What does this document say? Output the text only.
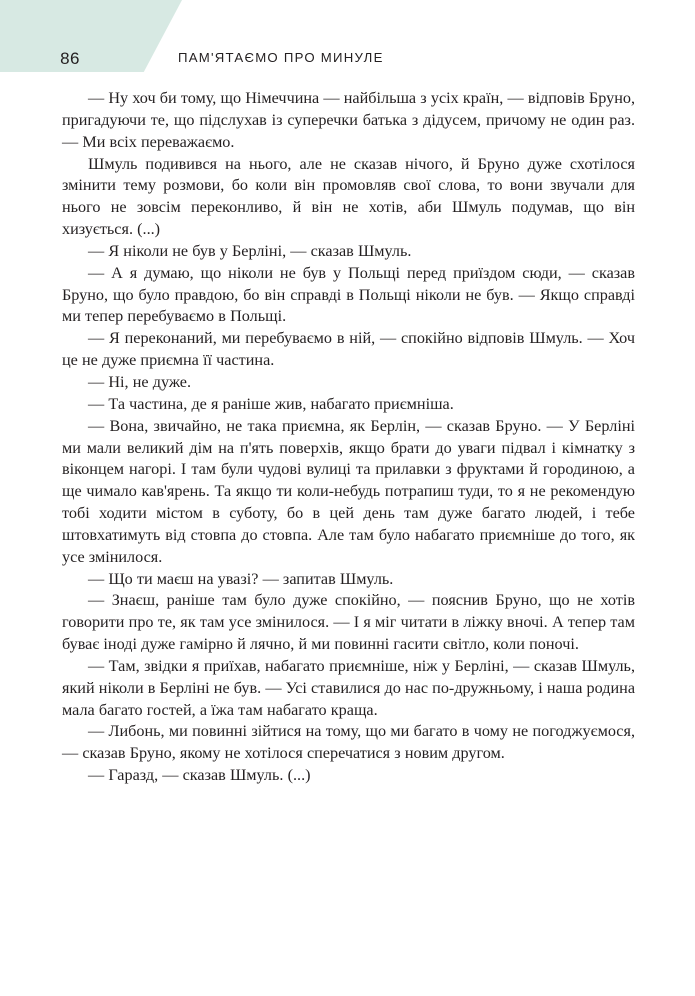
86	ПАМ'ЯТАЄМО ПРО МИНУЛЕ

— Ну хоч би тому, що Німеччина — найбільша з усіх країн, — відповів Бруно, пригадуючи те, що підслухав із суперечки батька з дідусем, причому не один раз. — Ми всіх переважаємо.

Шмуль подивився на нього, але не сказав нічого, й Бруно дуже схотілося змінити тему розмови, бо коли він промовляв свої слова, то вони звучали для нього не зовсім переконливо, й він не хотів, аби Шмуль подумав, що він хизується. (...)

— Я ніколи не був у Берліні, — сказав Шмуль.

— А я думаю, що ніколи не був у Польщі перед приїздом сюди, — сказав Бруно, що було правдою, бо він справді в Польщі ніколи не був. — Якщо справді ми тепер перебуваємо в Польщі.

— Я переконаний, ми перебуваємо в ній, — спокійно відповів Шмуль. — Хоч це не дуже приємна її частина.

— Ні, не дуже.

— Та частина, де я раніше жив, набагато приємніша.

— Вона, звичайно, не така приємна, як Берлін, — сказав Бруно. — У Берліні ми мали великий дім на п'ять поверхів, якщо брати до уваги підвал і кімнатку з віконцем нагорі. І там були чудові вулиці та прилавки з фруктами й городиною, а ще чимало кав'ярень. Та якщо ти коли-небудь потрапиш туди, то я не рекомендую тобі ходити містом в суботу, бо в цей день там дуже багато людей, і тебе штовхатимуть від стовпа до стовпа. Але там було набагато приємніше до того, як усе змінилося.

— Що ти маєш на увазі? — запитав Шмуль.

— Знаєш, раніше там було дуже спокійно, — пояснив Бруно, що не хотів говорити про те, як там усе змінилося. — І я міг читати в ліжку вночі. А тепер там буває іноді дуже гамірно й лячно, й ми повинні гасити світло, коли поночі.

— Там, звідки я приїхав, набагато приємніше, ніж у Берліні, — сказав Шмуль, який ніколи в Берліні не був. — Усі ставилися до нас по-дружньому, і наша родина мала багато гостей, а їжа там набагато краща.

— Либонь, ми повинні зійтися на тому, що ми багато в чому не погоджуємося, — сказав Бруно, якому не хотілося сперечатися з новим другом.

— Гаразд, — сказав Шмуль. (...)
